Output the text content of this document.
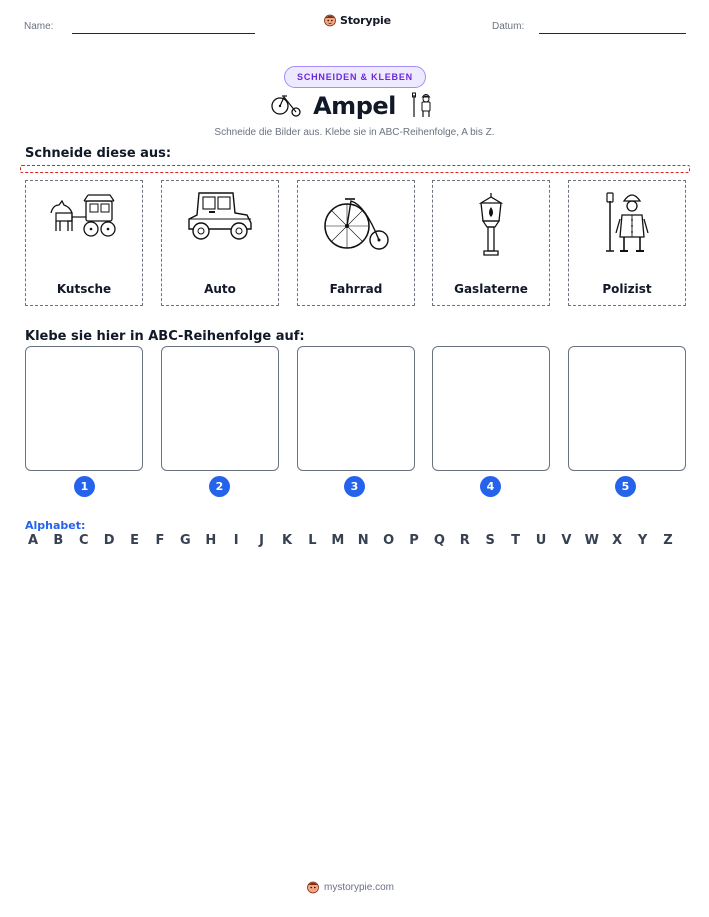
Name:	Storypie	Datum:
SCHNEIDEN & KLEBEN
Ampel
Schneide die Bilder aus. Klebe sie in ABC-Reihenfolge, A bis Z.
Schneide diese aus:
Kutsche	Auto	Fahrrad	Gaslaterne	Polizist
Klebe sie hier in ABC-Reihenfolge auf:
1	2	3	4	5
Alphabet:
A	B	C	D	E	F	G	H	I	J	K	L	M	N	O	P	Q	R	S	T	U	V	W	X	Y	Z
mystorypie.com
